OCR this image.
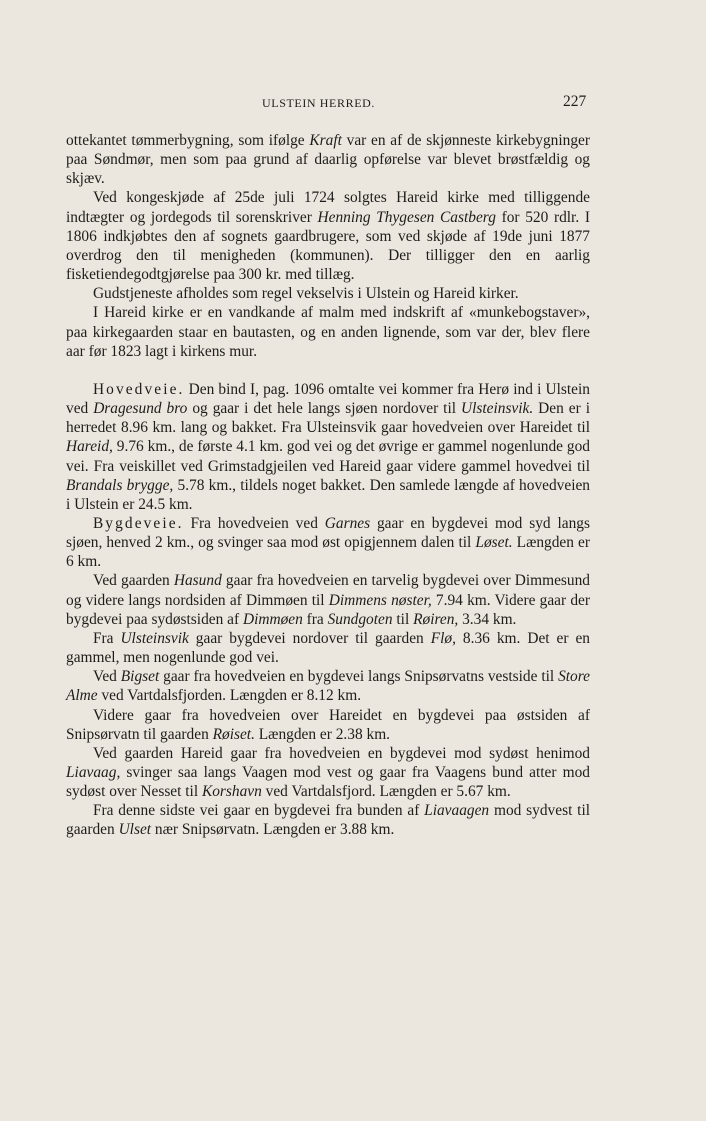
ULSTEIN HERRED.	227

ottekantet tømmerbygning, som ifølge Kraft var en af de skjønneste kirkebygninger paa Søndmør, men som paa grund af daarlig opførelse var blevet brøstfældig og skjæv.

Ved kongeskjøde af 25de juli 1724 solgtes Hareid kirke med tilliggende indtægter og jordegods til sorenskriver Henning Thygesen Castberg for 520 rdlr. I 1806 indkjøbtes den af sognets gaardbrugere, som ved skjøde af 19de juni 1877 overdrog den til menigheden (kommunen). Der tilligger den en aarlig fisketiendegodtgjørelse paa 300 kr. med tillæg.

Gudstjeneste afholdes som regel vekselvis i Ulstein og Hareid kirker.

I Hareid kirke er en vandkande af malm med indskrift af «munkebogstaver», paa kirkegaarden staar en bautasten, og en anden lignende, som var der, blev flere aar før 1823 lagt i kirkens mur.

Hovedveie. Den bind I, pag. 1096 omtalte vei kommer fra Herø ind i Ulstein ved Dragesund bro og gaar i det hele langs sjøen nordover til Ulsteinsvik. Den er i herredet 8.96 km. lang og bakket. Fra Ulsteinsvik gaar hovedveien over Hareidet til Hareid, 9.76 km., de første 4.1 km. god vei og det øvrige er gammel nogenlunde god vei. Fra veiskillet ved Grimstadgjeilen ved Hareid gaar videre gammel hovedvei til Brandals brygge, 5.78 km., tildels noget bakket. Den samlede længde af hovedveien i Ulstein er 24.5 km.

Bygdeveie. Fra hovedveien ved Garnes gaar en bygdevei mod syd langs sjøen, henved 2 km., og svinger saa mod øst opigjennem dalen til Løset. Længden er 6 km.

Ved gaarden Hasund gaar fra hovedveien en tarvelig bygdevei over Dimmesund og videre langs nordsiden af Dimmøen til Dimmens nøster, 7.94 km. Videre gaar der bygdevei paa sydøstsiden af Dimmøen fra Sundgoten til Røiren, 3.34 km.

Fra Ulsteinsvik gaar bygdevei nordover til gaarden Flø, 8.36 km. Det er en gammel, men nogenlunde god vei.

Ved Bigset gaar fra hovedveien en bygdevei langs Snipsørvatns vestside til Store Alme ved Vartdalsfjorden. Længden er 8.12 km.

Videre gaar fra hovedveien over Hareidet en bygdevei paa østsiden af Snipsørvatn til gaarden Røiset. Længden er 2.38 km.

Ved gaarden Hareid gaar fra hovedveien en bygdevei mod sydøst henimod Liavaag, svinger saa langs Vaagen mod vest og gaar fra Vaagens bund atter mod sydøst over Nesset til Korshavn ved Vartdalsfjord. Længden er 5.67 km.

Fra denne sidste vei gaar en bygdevei fra bunden af Liavaagen mod sydvest til gaarden Ulset nær Snipsørvatn. Længden er 3.88 km.
